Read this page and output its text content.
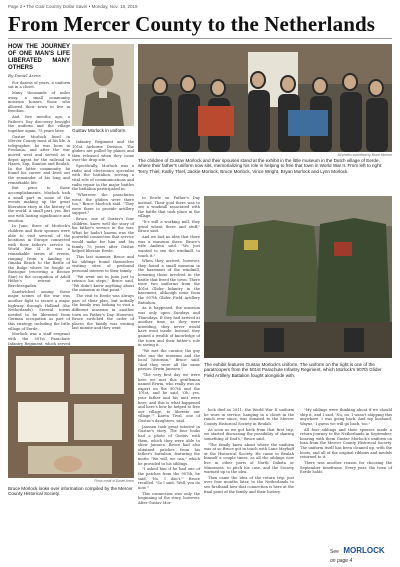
Page 2 • The Coal Country Dollar Saver • Monday, Nov. 18, 2019
From Mercer County to the Netherlands
HOW THE JOURNEY OF ONE MAN'S LIFE LIBERATED MANY OTHERS
By Daniel Arens

For dozens of years, a uniform sat in a closet.

Many thousands of miles away, a small community museum honors those who allowed their town to live in freedom.

And, five months ago, a Father's Day discovery brought the uniform and the village together again, 75 years later.

Gustav Morlock lived in Mercer County most of his life. A telegrapher, he was born in Fredonia, and after the war moved west and served as a depot agent for the railroad in Hazen, Zap, Stanton and Beulah. In the latter community, he found his career and lived out the remainder of his long and remarkable life.

But prior to those accomplishments, Morlock took a small part in some of the events making up the great liberation story in the history of the world. A small part, yes. But one with lasting significance and emotion.

In June, three of Morlock's children and their spouses were able to visit several of the locations in Europe connected with their father's service in World War II. It was a remarkable series of events, ranging from a landing at Omaha Beach to the Battle of the Bulge where he fought at Bastogne (receiving a Bronze Star) to the occupation of Adolf Hitler's retreat at Berchtesgaden.

Sandwiched among these major scenes of the war was another fight to secure a major highway through Holland (the Netherlands). Several towns needed to be liberated from German occupation as part of this strategy, including the little village of Eerde.

Morlock was a staff sergeant with the 501st Parachute Infantry Regiment, which served

Gustav Morlock in uniform.

Infantry Regiment and the 101st Airborne Division. The gliders are pulled by planes and then released when they come over the drop site.

Specifically, Morlock was a radio and electronics specialist with the battalion, serving a vital role of communications and radio repair in the major battles the battalion participated in.

"Wherever the parachutes went, the gliders were there too," Bruce Morlock said. "They were there to provide artillery support."

Bruce, one of Gustav's four children, knew well the story of his father's service in the war. What he hadn't known was the powerful connection that service would make for him and his family 75 years after Gustav helped liberate Eerde.

This last summer, Bruce and his siblings found themselves visiting sites of profound personal interest to their family.

"We went out in June just to retrace his steps," Bruce said. "We didn't know anything about the museum at that point."

The visit to Eerde was always part of their plan, but initially the family was looking to visit a different museum in another town on Father's Day. However, Bruce switched the order of places the family was visiting last minute and they went

All photos submitted by Bruce Morlock
The children of Gustav Morlock and their spouses stand at the exhibit in the little museum in the Dutch village of Eerde, where their father's uniform now sits, memorializing his role in helping to free that town in World War II. From left to right: Terry Thiel, Kathy Thiel, Jackie Morlock, Bruce Morlock, Vince Wright, Bryan Morlock and Lynn Morlock.

to Eerde on Father's Day instead. Their goal there was to see a windmill associated with the battle that took place in the village.

"It's still a working mill, they grind wheat there and stuff," Bruce said.

And we had no idea that there was a museum there. Bruce's wife Andrea said. "We just wanted to see the windmill, to touch it."

When they arrived, however, they found a small museum in the basement of the windmill, honoring those involved in the battle that freed the town. There were two uniforms from the 401st Glider Infantry in the basement, although none from the 907th Glider Field Artillery Battalion.

As it happened, the museum was only open Sundays and Thursdays. If they had arrived at another time, as they were intending, they never would have went inside. Instead, they gained a wealth of knowledge of the town and their father's role in saving it.

"We met the curator, the guy who ran the museum and the local historian," Bruce said. "And they were all the same person: Erwin Janssen."

"The very first day we were here we met this gentleman named Erwin, who really was an expert on the 907th and the 101st, and he said, 'Oh, yes, your father and his unit were here, and this is what happened and here's how he helped to free our village, to liberate our village,'" Karen Tival, one of Gustav's daughters, said.

Janssen took great interest in Gustav's story. The four looks had a photo of Gustav with them, which they were able to show Janssen. Bruce had also obtained patches from his father's battalion, featuring the motto "We will, we can," which he provided to his siblings.

"I asked him if he had one of the patches from the 907th, he said, 'No, I don't,'" Bruce recalled. "So I said, 'Well, you do now.'"

This connection was only the beginning of the story, however. After Gustav Mor-

The exhibit features Gustav Morlock's uniform. The uniform on the right is one of the paratroopers from the 501st Parachute Infantry Regiment, which Morlock's 907th Glider Field Artillery Battalion fought alongside with.
Photo credit of Daniel Arens
Bruce Morlock looks over information compiled by the Mercer County Historical Society.

lock died in 2011, the World War II uniform he wore in service, hanging in a closet in the ranch ever since, was donated to the Mercer County Historical Society in Beulah.

As soon as we got back from that first trip, we started discussing the possibility of sharing something of Dad's," Bruce said.

"The family knew about where the uniform was at so Bruce got in touch with Lane Meyhoff at the Historical Society. He came to Beulah himself a couple times, as all the siblings now live in other parts of North Dakota or Minnesota, to pitch his case, and the Society warmed up to the idea.

Then came the idea of the return trip, just over four months later, to the Netherlands to see firsthand how that connection is here at the final point of the family and their history.

"My siblings were thinking about if we should ship it, and I said, 'No, no, I wasn't shipping this anywhere. I was going back. And my husband, Wayne,' I guess we will go back, too."

All four siblings and their spouses made a return journey to the Netherlands in September, bearing with them Gustav Morlock's uniform on loan from the Mercer County Historical Society. The uniform itself has been cleaned up, with the boots, and all of the original ribbons and medals returned to it.

There was another reason for choosing the September timeframe. Every year, the town of Eerde holds

See MORLOCK
on page 4
